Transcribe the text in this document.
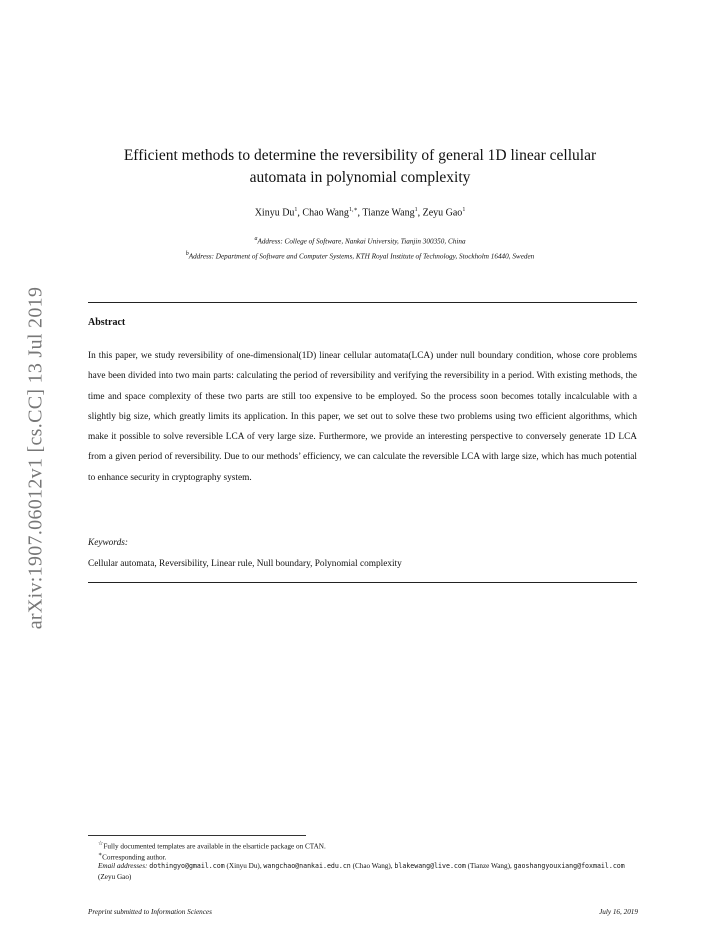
arXiv:1907.06012v1 [cs.CC] 13 Jul 2019
Efficient methods to determine the reversibility of general 1D linear cellular
automata in polynomial complexity
Xinyu Du$^1$, Chao Wang$^{1,∗}$, Tianze Wang$^1$, Zeyu Gao$^1$
$^a$Address: College of Software, Nankai University, Tianjin 300350, China
$^b$Address: Department of Software and Computer Systems, KTH Royal Institute of Technology, Stockholm 16440, Sweden
Abstract
In this paper, we study reversibility of one-dimensional(1D) linear cellular automata(LCA) under null boundary condition, whose core problems have been divided into two main parts: calculating the period of reversibility and verifying the reversibility in a period. With existing methods, the time and space complexity of these two parts are still too expensive to be employed. So the process soon becomes totally incalculable with a slightly big size, which greatly limits its application. In this paper, we set out to solve these two problems using two efficient algorithms, which make it possible to solve reversible LCA of very large size. Furthermore, we provide an interesting perspective to conversely generate 1D LCA from a given period of reversibility. Due to our methods’ efficiency, we can calculate the reversible LCA with large size, which has much potential to enhance security in cryptography system.
Keywords:
Cellular automata, Reversibility, Linear rule, Null boundary, Polynomial complexity
☆Fully documented templates are available in the elsarticle package on CTAN.
∗Corresponding author.
Email addresses: dothingyo@gmail.com (Xinyu Du), wangchao@nankai.edu.cn (Chao Wang), blakewang@live.com (Tianze Wang), gaoshangyouxiang@foxmail.com (Zeyu Gao)
Preprint submitted to Information Sciences	July 16, 2019
